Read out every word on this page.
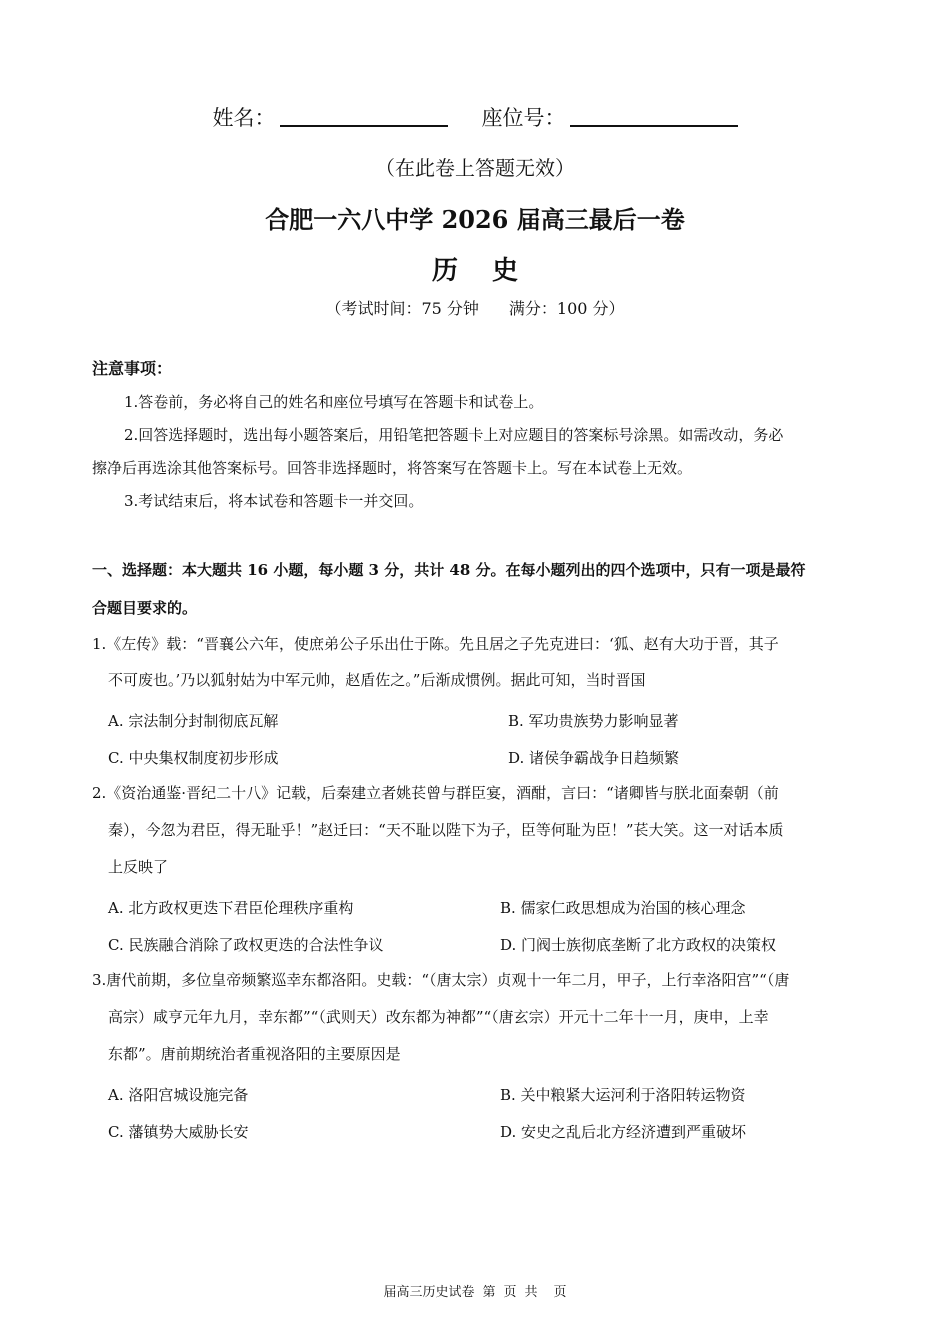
姓名：	座位号：
（在此卷上答题无效）
合肥一六八中学 2026 届高三最后一卷
历史
（考试时间：75 分钟 满分：100 分）
注意事项：
1.答卷前，务必将自己的姓名和座位号填写在答题卡和试卷上。
2.回答选择题时，选出每小题答案后，用铅笔把答题卡上对应题目的答案标号涂黑。如需改动，务必
擦净后再选涂其他答案标号。回答非选择题时，将答案写在答题卡上。写在本试卷上无效。
3.考试结束后，将本试卷和答题卡一并交回。
一、选择题：本大题共 16 小题，每小题 3 分，共计 48 分。在每小题列出的四个选项中，只有一项是最符
合题目要求的。
1.《左传》载：“晋襄公六年，使庶弟公子乐出仕于陈。先且居之子先克进曰：‘狐、赵有大功于晋，其子
不可废也。’乃以狐射姑为中军元帅，赵盾佐之。”后渐成惯例。据此可知，当时晋国
A. 宗法制分封制彻底瓦解	B. 军功贵族势力影响显著
C. 中央集权制度初步形成	D. 诸侯争霸战争日趋频繁
2.《资治通鉴·晋纪二十八》记载，后秦建立者姚苌曾与群臣宴，酒酣，言曰：“诸卿皆与朕北面秦朝（前
秦），今忽为君臣，得无耻乎！”赵迁曰：“天不耻以陛下为子，臣等何耻为臣！”苌大笑。这一对话本质
上反映了
A. 北方政权更迭下君臣伦理秩序重构	B. 儒家仁政思想成为治国的核心理念
C. 民族融合消除了政权更迭的合法性争议	D. 门阀士族彻底垄断了北方政权的决策权
3.唐代前期，多位皇帝频繁巡幸东都洛阳。史载：“（唐太宗）贞观十一年二月，甲子，上行幸洛阳宫”“（唐
高宗）咸亨元年九月，幸东都”“（武则天）改东都为神都”“（唐玄宗）开元十二年十一月，庚申，上幸
东都”。唐前期统治者重视洛阳的主要原因是
A. 洛阳宫城设施完备	B. 关中粮紧大运河利于洛阳转运物资
C. 藩镇势大威胁长安	D. 安史之乱后北方经济遭到严重破坏
届高三历史试卷 第 页 共 页
